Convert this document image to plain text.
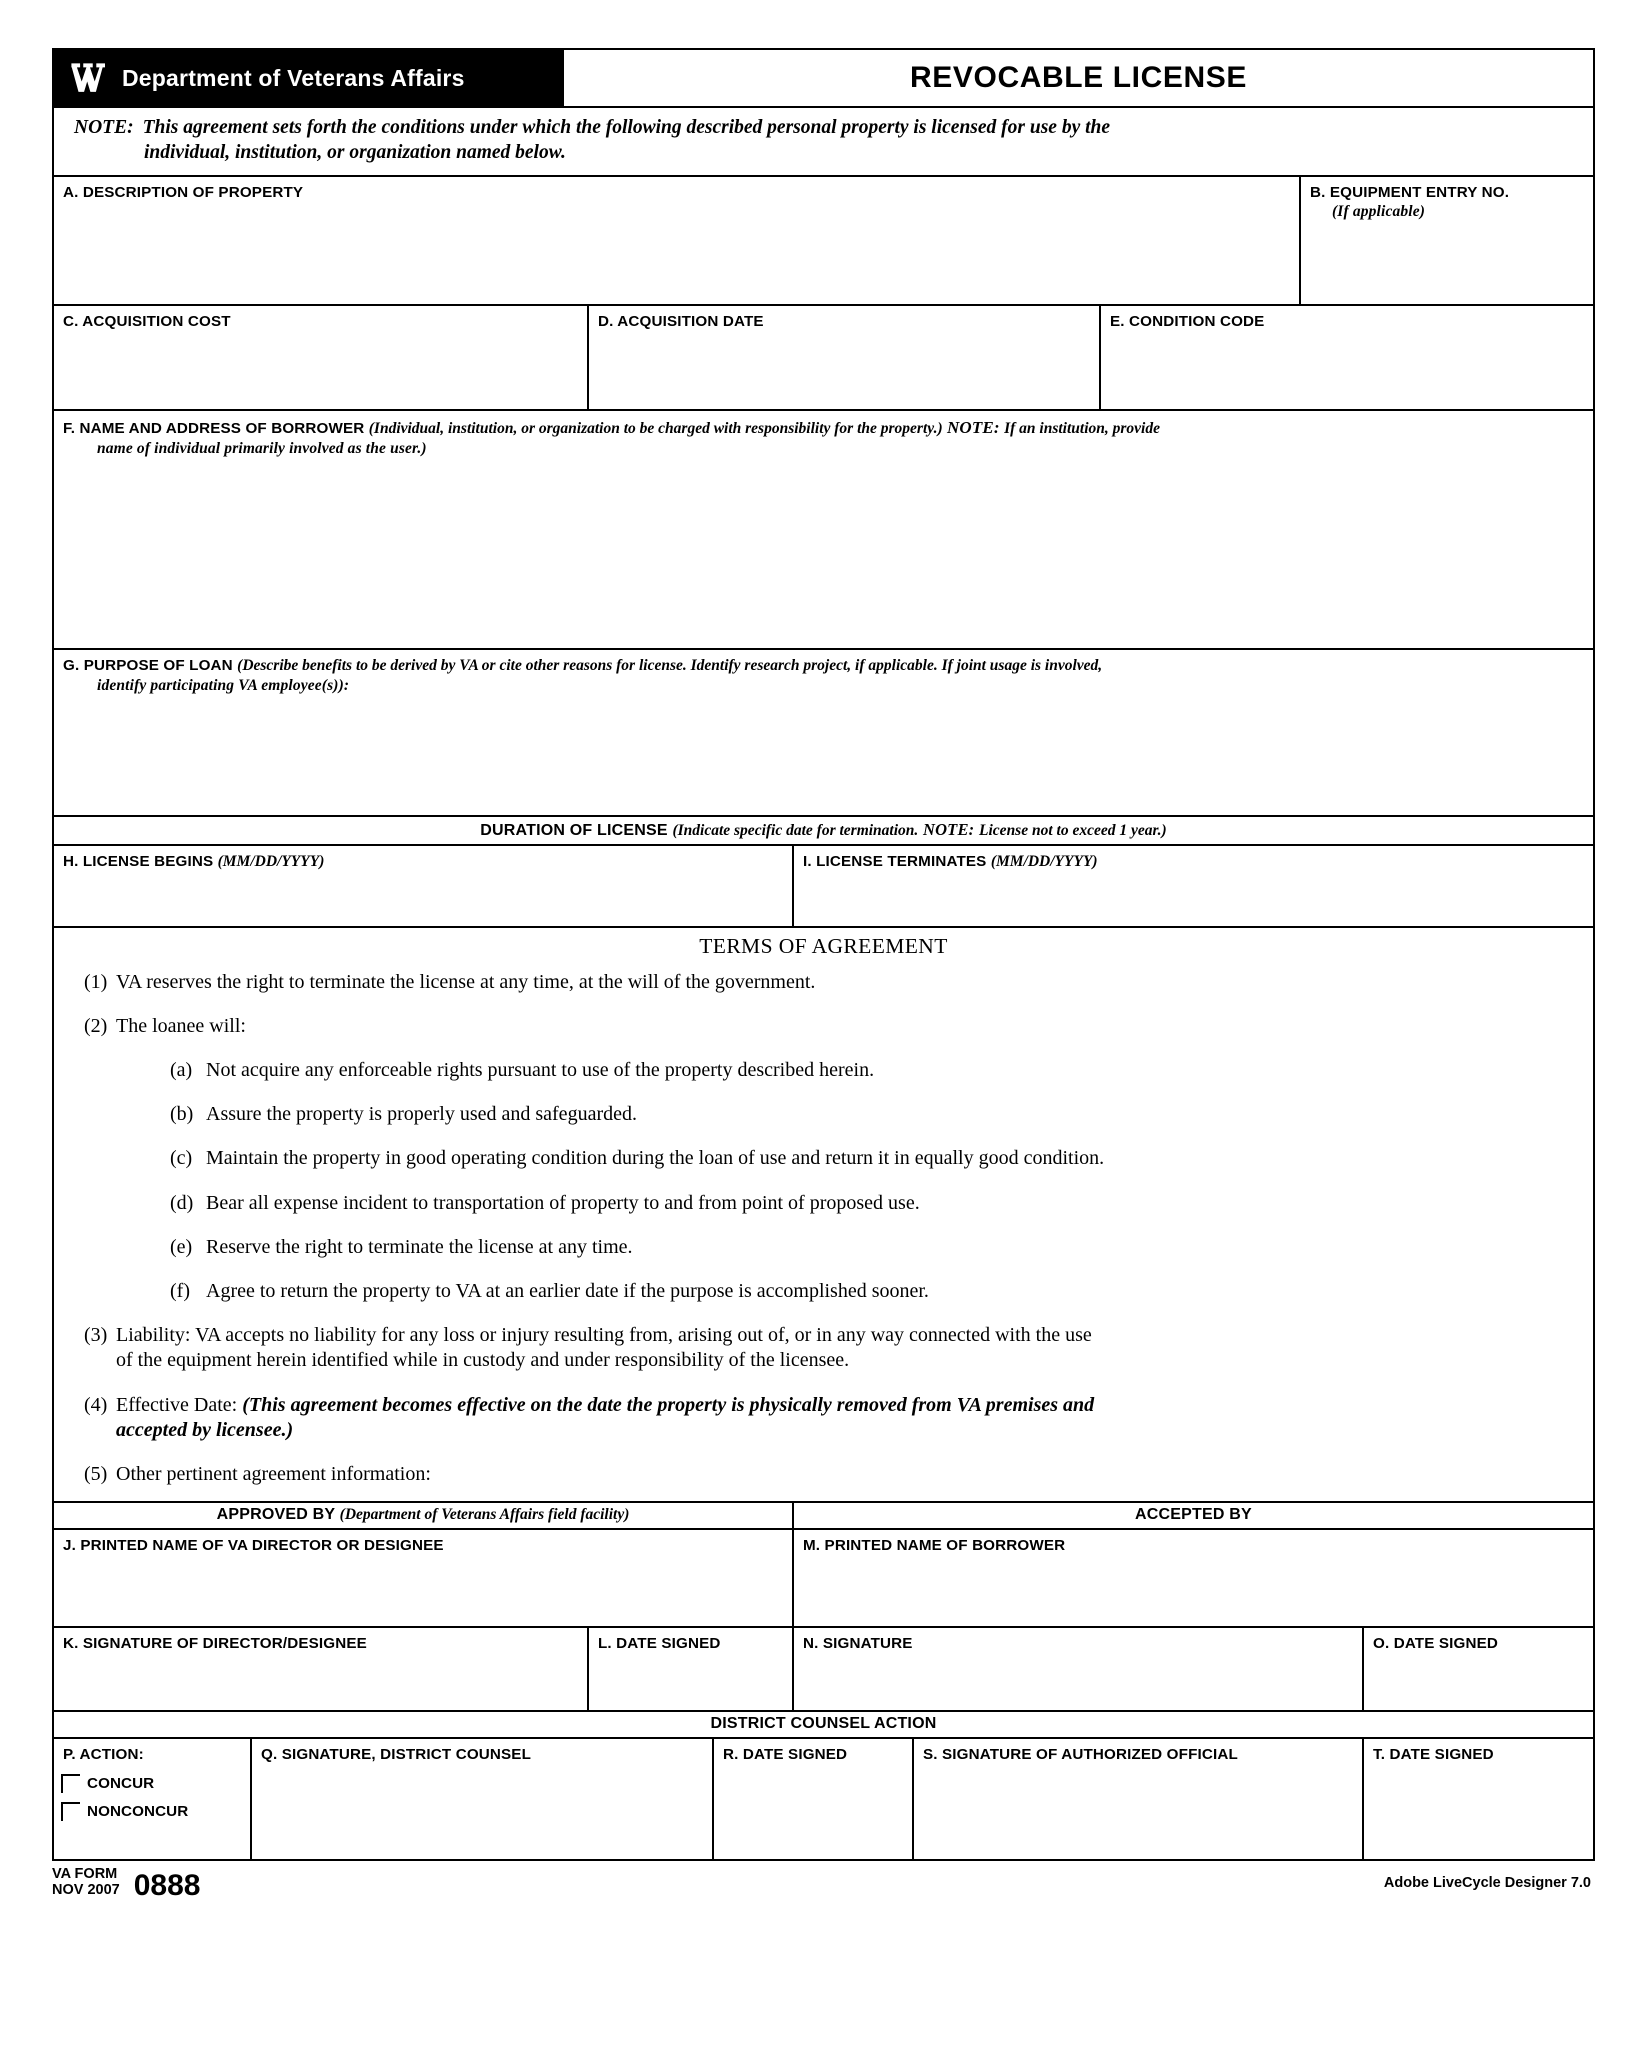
Department of Veterans Affairs	REVOCABLE LICENSE
NOTE: This agreement sets forth the conditions under which the following described personal property is licensed for use by the
individual, institution, or organization named below.
A. DESCRIPTION OF PROPERTY	B. EQUIPMENT ENTRY NO.
(If applicable)
C. ACQUISITION COST	D. ACQUISITION DATE	E. CONDITION CODE
F. NAME AND ADDRESS OF BORROWER (Individual, institution, or organization to be charged with responsibility for the property.) NOTE: If an institution, provide
name of individual primarily involved as the user.)
G. PURPOSE OF LOAN (Describe benefits to be derived by VA or cite other reasons for license. Identify research project, if applicable. If joint usage is involved,
identify participating VA employee(s)):
DURATION OF LICENSE (Indicate specific date for termination. NOTE: License not to exceed 1 year.)
H. LICENSE BEGINS (MM/DD/YYYY)	I. LICENSE TERMINATES (MM/DD/YYYY)
TERMS OF AGREEMENT
(1) VA reserves the right to terminate the license at any time, at the will of the government.
(2) The loanee will:
(a) Not acquire any enforceable rights pursuant to use of the property described herein.
(b) Assure the property is properly used and safeguarded.
(c) Maintain the property in good operating condition during the loan of use and return it in equally good condition.
(d) Bear all expense incident to transportation of property to and from point of proposed use.
(e) Reserve the right to terminate the license at any time.
(f) Agree to return the property to VA at an earlier date if the purpose is accomplished sooner.
(3) Liability: VA accepts no liability for any loss or injury resulting from, arising out of, or in any way connected with the use
of the equipment herein identified while in custody and under responsibility of the licensee.
(4) Effective Date: (This agreement becomes effective on the date the property is physically removed from VA premises and
accepted by licensee.)
(5) Other pertinent agreement information:
APPROVED BY (Department of Veterans Affairs field facility)	ACCEPTED BY
J. PRINTED NAME OF VA DIRECTOR OR DESIGNEE	M. PRINTED NAME OF BORROWER
K. SIGNATURE OF DIRECTOR/DESIGNEE	L. DATE SIGNED	N. SIGNATURE	O. DATE SIGNED
DISTRICT COUNSEL ACTION
P. ACTION:
CONCUR
NONCONCUR
Q. SIGNATURE, DISTRICT COUNSEL	R. DATE SIGNED	S. SIGNATURE OF AUTHORIZED OFFICIAL	T. DATE SIGNED
VA FORM
NOV 2007 0888	Adobe LiveCycle Designer 7.0
